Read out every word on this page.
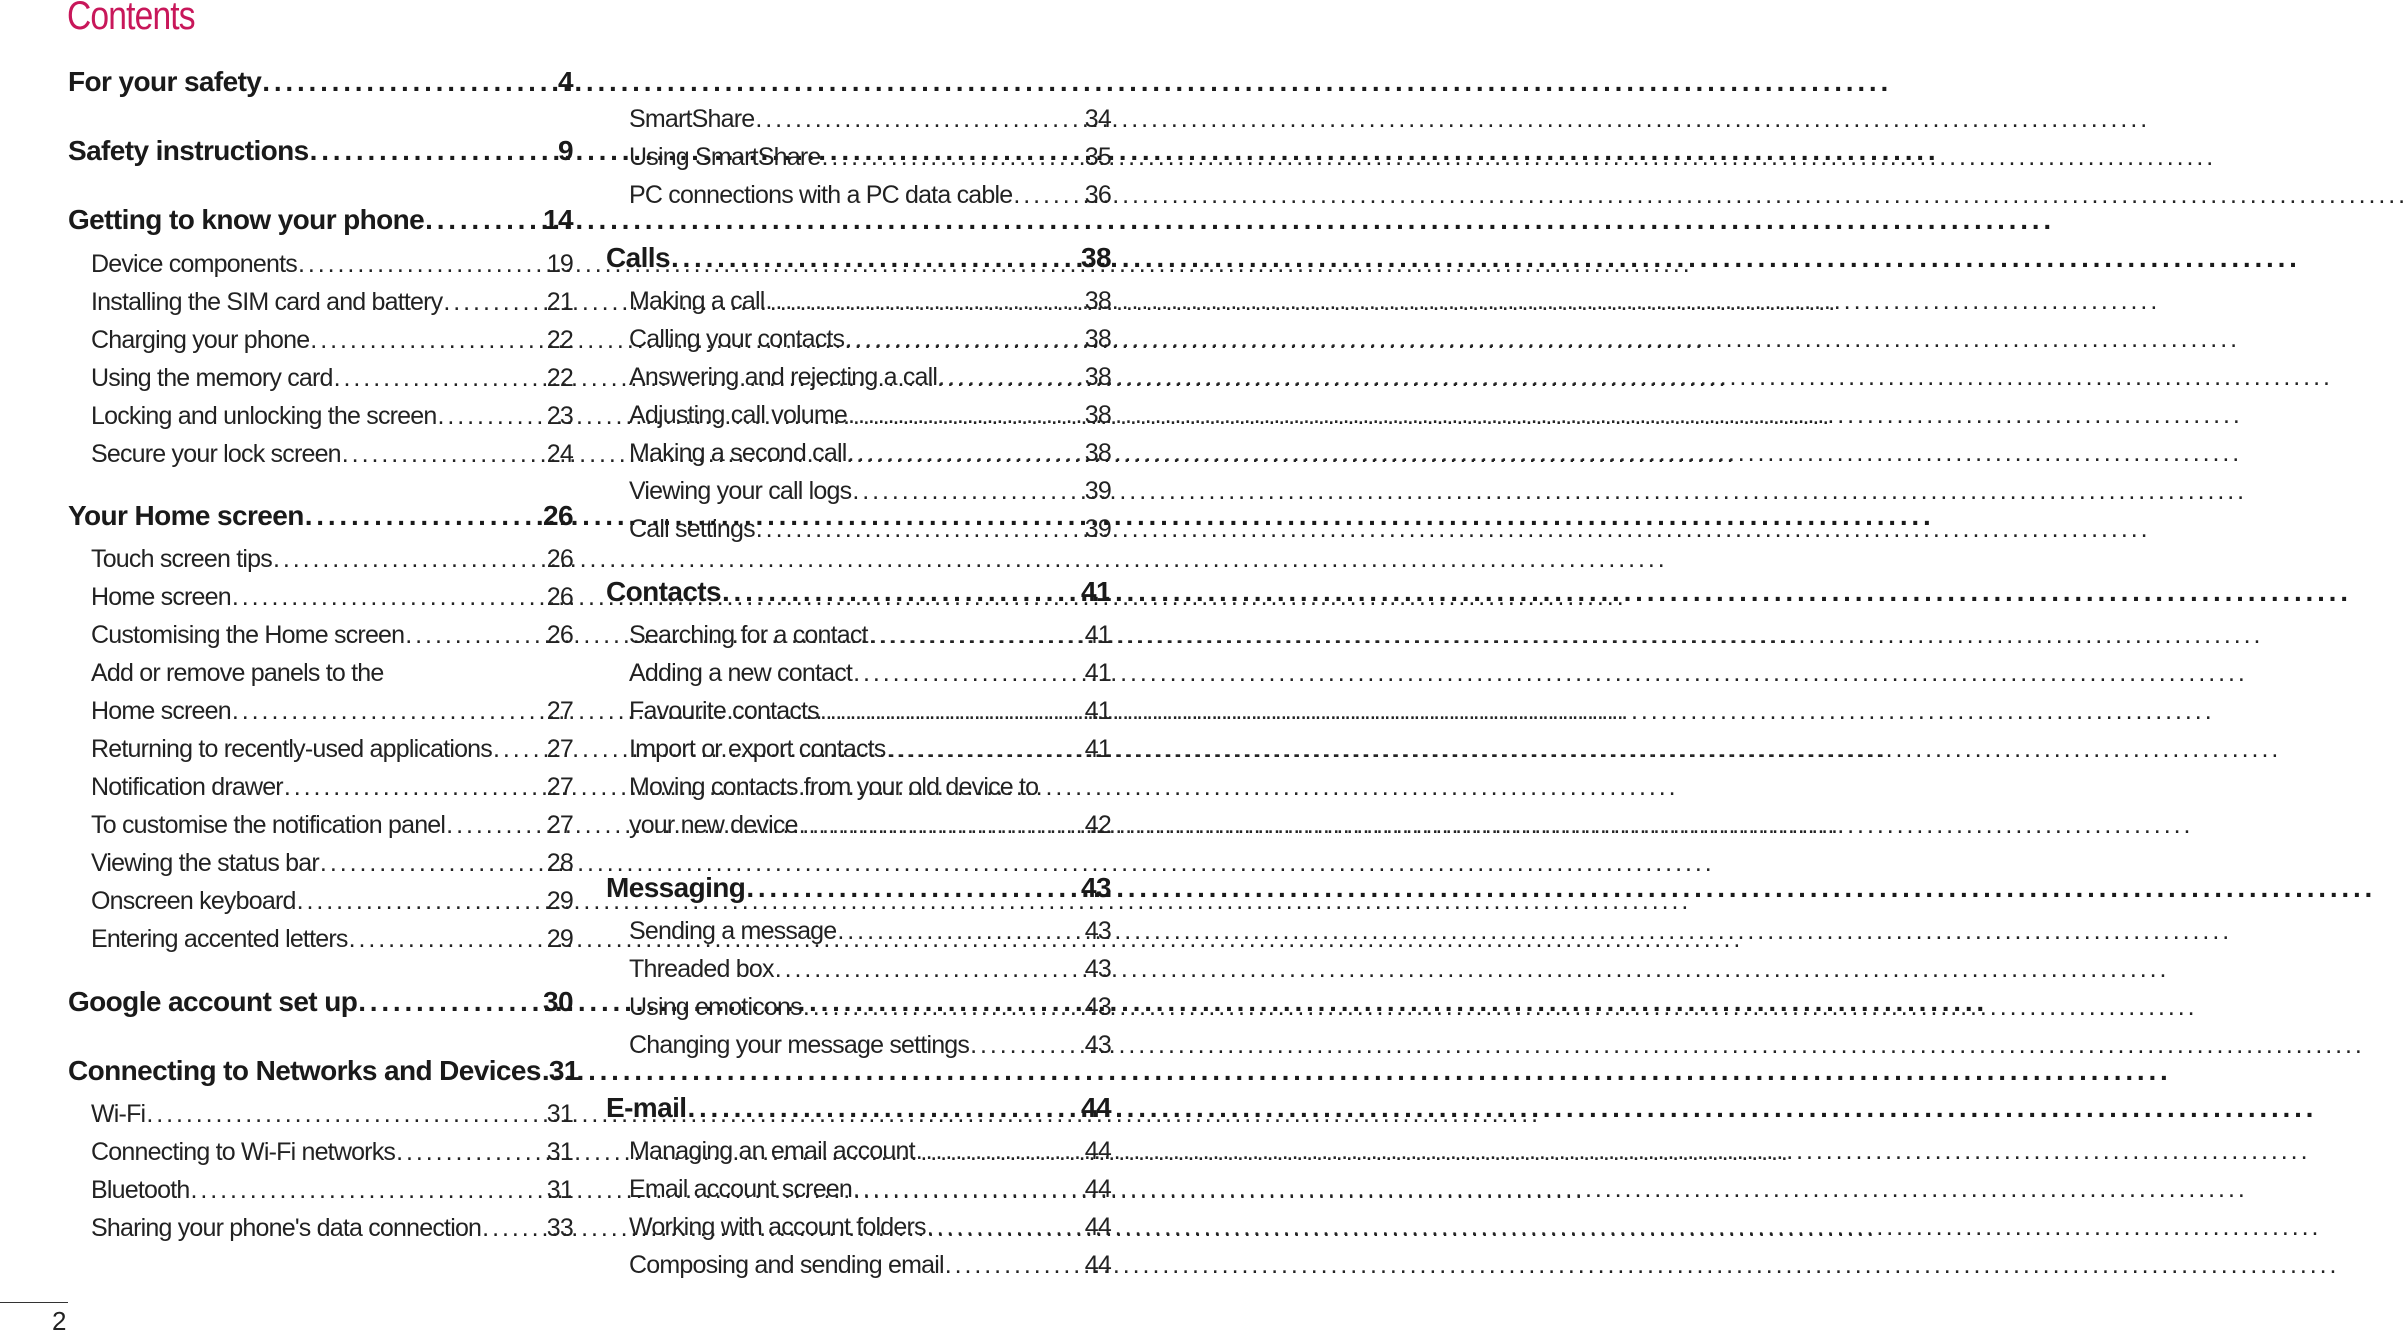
Contents
For your safety . . .	4
Safety instructions . . .	9
Getting to know your phone . . .	14
Device components . . .	19
Installing the SIM card and battery . . .	21
Charging your phone . . .	22
Using the memory card . . .	22
Locking and unlocking the screen . . .	23
Secure your lock screen . . .	24
Your Home screen . . .	26
Touch screen tips . . .	26
Home screen . . .	26
Customising the Home screen . . .	26
Add or remove panels to the
Home screen . . .	27
Returning to recently-used applications . . . 27
Notification drawer . . .	27
To customise the notification panel . . .	27
Viewing the status bar . . .	28
Onscreen keyboard . . .	29
Entering accented letters . . .	29
Google account set up . . .	30
Connecting to Networks and Devices . . . 31
Wi-Fi . . .	31
Connecting to Wi-Fi networks . . .	31
Bluetooth . . .	31
Sharing your phone's data connection . . .	33
SmartShare . . .	34
Using SmartShare . . .	35
PC connections with a PC data cable . . .	36
Calls . . .	38
Making a call . . .	38
Calling your contacts . . .	38
Answering and rejecting a call . . .	38
Adjusting call volume . . .	38
Making a second call . . .	38
Viewing your call logs . . .	39
Call settings . . .	39
Contacts . . .	41
Searching for a contact . . .	41
Adding a new contact . . .	41
Favourite contacts . . .	41
Import or export contacts . . .	41
Moving contacts from your old device to
your new device . . .	42
Messaging . . .	43
Sending a message . . .	43
Threaded box . . .	43
Using emoticons . . .	43
Changing your message settings . . .	43
E-mail . . .	44
Managing an email account . . .	44
Email account screen . . .	44
Working with account folders . . .	44
Composing and sending email . . .	44
2
